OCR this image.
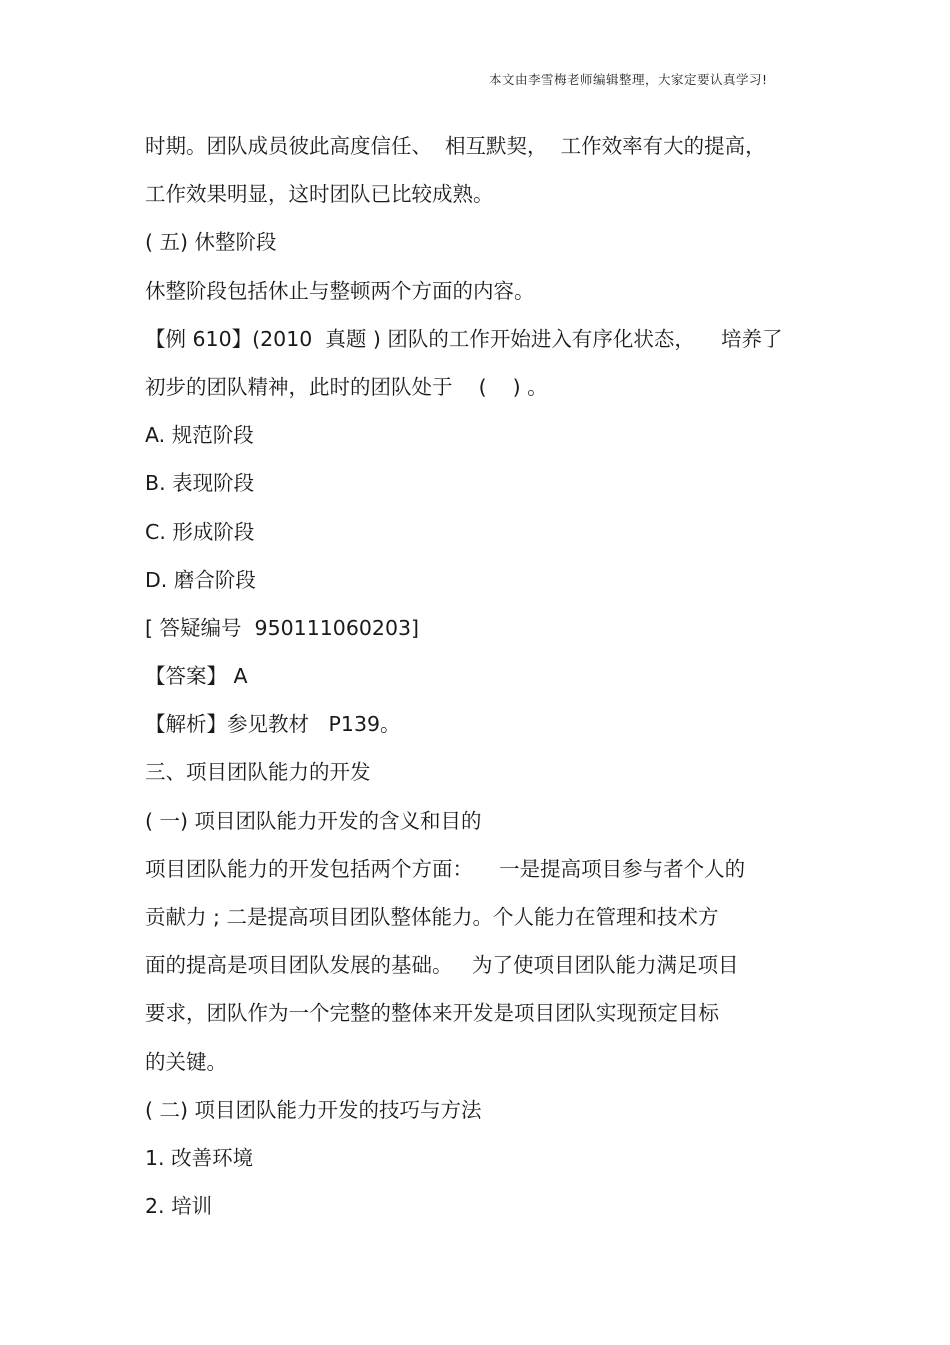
本文由李雪梅老师编辑整理，大家定要认真学习!
时期。团队成员彼此高度信任、  相互默契，  工作效率有大的提高，
工作效果明显，这时团队已比较成熟。
( 五) 休整阶段
休整阶段包括休止与整顿两个方面的内容。
【例 610】(2010  真题 ) 团队的工作开始进入有序化状态，    培养了
初步的团队精神，此时的团队处于    (    ) 。
A. 规范阶段
B. 表现阶段
C. 形成阶段
D. 磨合阶段
[ 答疑编号  950111060203]
【答案】 A
【解析】参见教材   P139。
三、项目团队能力的开发
( 一) 项目团队能力开发的含义和目的
项目团队能力的开发包括两个方面：    一是提高项目参与者个人的
贡献力 ; 二是提高项目团队整体能力。个人能力在管理和技术方
面的提高是项目团队发展的基础。   为了使项目团队能力满足项目
要求，团队作为一个完整的整体来开发是项目团队实现预定目标
的关键。
( 二) 项目团队能力开发的技巧与方法
1. 改善环境
2. 培训
